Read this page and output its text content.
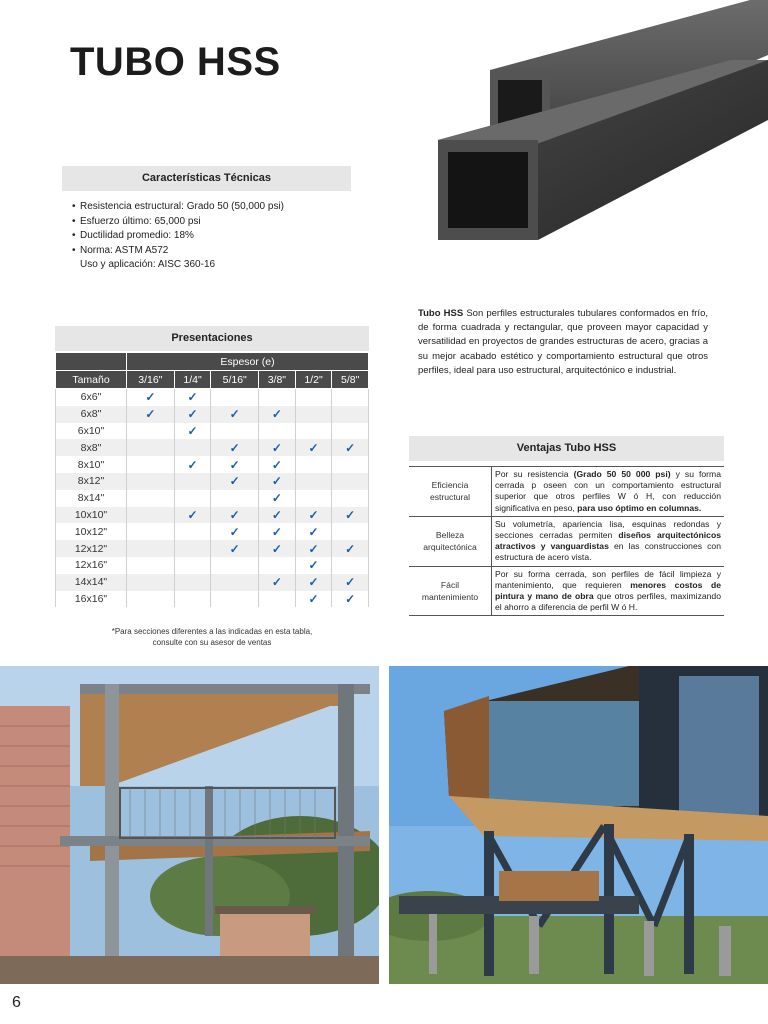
TUBO HSS
Características Técnicas
• Resistencia estructural: Grado 50 (50,000 psi)
• Esfuerzo último: 65,000 psi
• Ductilidad promedio: 18%
• Norma: ASTM A572
Uso y aplicación: AISC 360-16

Tubo HSS Son perfiles estructurales tubulares conformados en frío, de forma cuadrada y rectangular, que proveen mayor capacidad y versatilidad en proyectos de grandes estructuras de acero, gracias a su mejor acabado estético y comportamiento estructural que otros perfiles, ideal para uso estructural, arquitectónico e industrial.

Presentaciones
	Espesor (e)					
Tamaño	3/16"	1/4"	5/16"	3/8"	1/2"	5/8"
6x6"	✓	✓				
6x8"	✓	✓	✓	✓		
6x10"		✓				
8x8"			✓	✓	✓	✓
8x10"		✓	✓	✓		
8x12"			✓	✓		
8x14"				✓		
10x10"		✓	✓	✓	✓	✓
10x12"			✓	✓	✓	
12x12"			✓	✓	✓	✓
12x16"					✓	
14x14"				✓	✓	✓
16x16"					✓	✓

*Para secciones diferentes a las indicadas en esta tabla,
consulte con su asesor de ventas

Ventajas Tubo HSS
Eficiencia
estructural	Por su resistencia (Grado 50 50 000 psi) y su forma cerrada p oseen con un comportamiento estructural superior que otros perfiles W ó H, con reducción significativa en peso, para uso óptimo en columnas.
Belleza
arquitectónica	Su volumetría, apariencia lisa, esquinas redondas y secciones cerradas permiten diseños arquitectónicos atractivos y vanguardistas en las construcciones con estructura de acero vista.
Fácil
mantenimiento	Por su forma cerrada, son perfiles de fácil limpieza y mantenimiento, que requieren menores costos de pintura y mano de obra que otros perfiles, maximizando el ahorro a diferencia de perfil W ó H.

6
